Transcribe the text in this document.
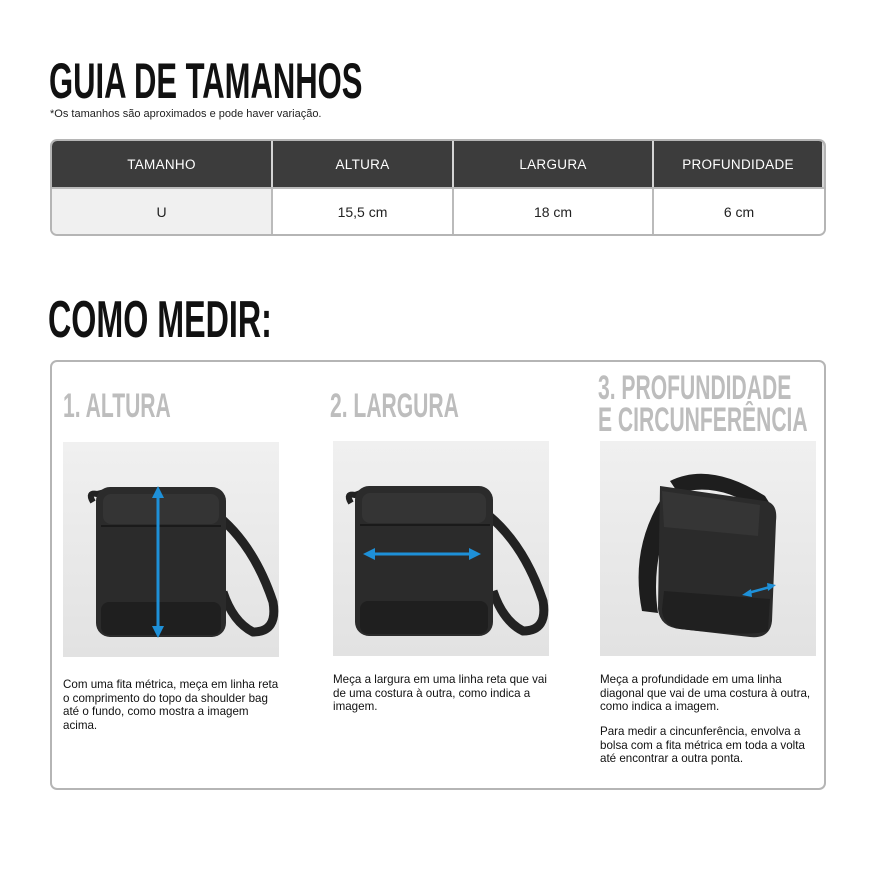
GUIA DE TAMANHOS
*Os tamanhos são aproximados e pode haver variação.
TAMANHO	ALTURA	LARGURA	PROFUNDIDADE
U	15,5 cm	18 cm	6 cm
COMO MEDIR:
1. ALTURA
Com uma fita métrica, meça em linha reta o comprimento do topo da shoulder bag até o fundo, como mostra a imagem acima.
2. LARGURA
Meça a largura em uma linha reta que vai de uma costura à outra, como indica a imagem.
3. PROFUNDIDADE
E CIRCUNFERÊNCIA
Meça a profundidade em uma linha diagonal que vai de uma costura à outra, como indica a imagem.
Para medir a cincunferência, envolva a bolsa com a fita métrica em toda a volta até encontrar a outra ponta.
